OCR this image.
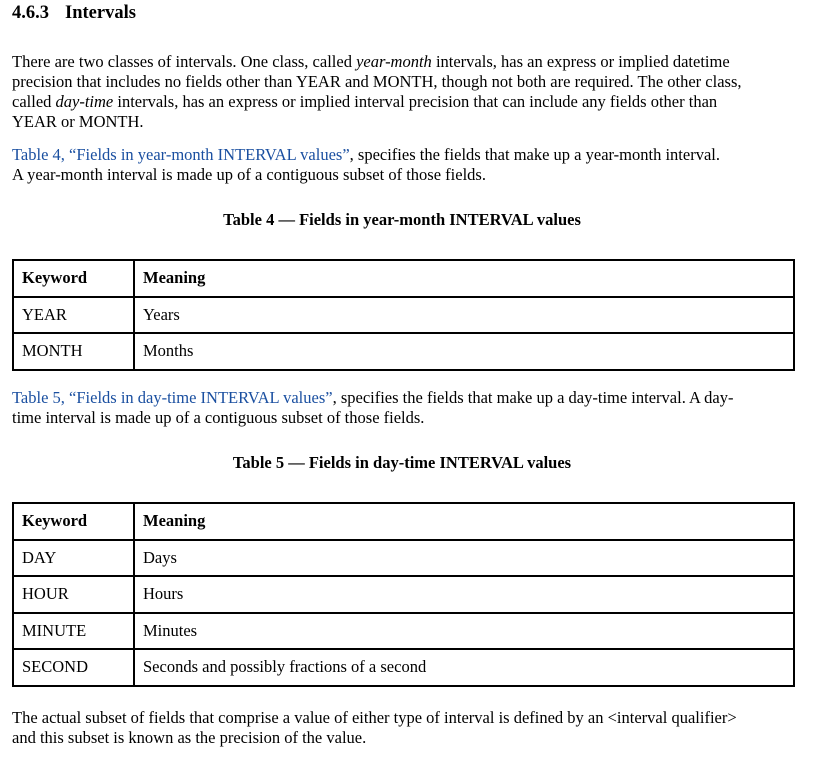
4.6.3 Intervals

There are two classes of intervals. One class, called year-month intervals, has an express or implied datetime
precision that includes no fields other than YEAR and MONTH, though not both are required. The other class,
called day-time intervals, has an express or implied interval precision that can include any fields other than
YEAR or MONTH.

Table 4, “Fields in year-month INTERVAL values”, specifies the fields that make up a year-month interval.
A year-month interval is made up of a contiguous subset of those fields.

Table 4 — Fields in year-month INTERVAL values
Keyword	Meaning
YEAR	Years
MONTH	Months

Table 5, “Fields in day-time INTERVAL values”, specifies the fields that make up a day-time interval. A day-
time interval is made up of a contiguous subset of those fields.

Table 5 — Fields in day-time INTERVAL values
Keyword	Meaning
DAY	Days
HOUR	Hours
MINUTE	Minutes
SECOND	Seconds and possibly fractions of a second

The actual subset of fields that comprise a value of either type of interval is defined by an <interval qualifier>
and this subset is known as the precision of the value.
